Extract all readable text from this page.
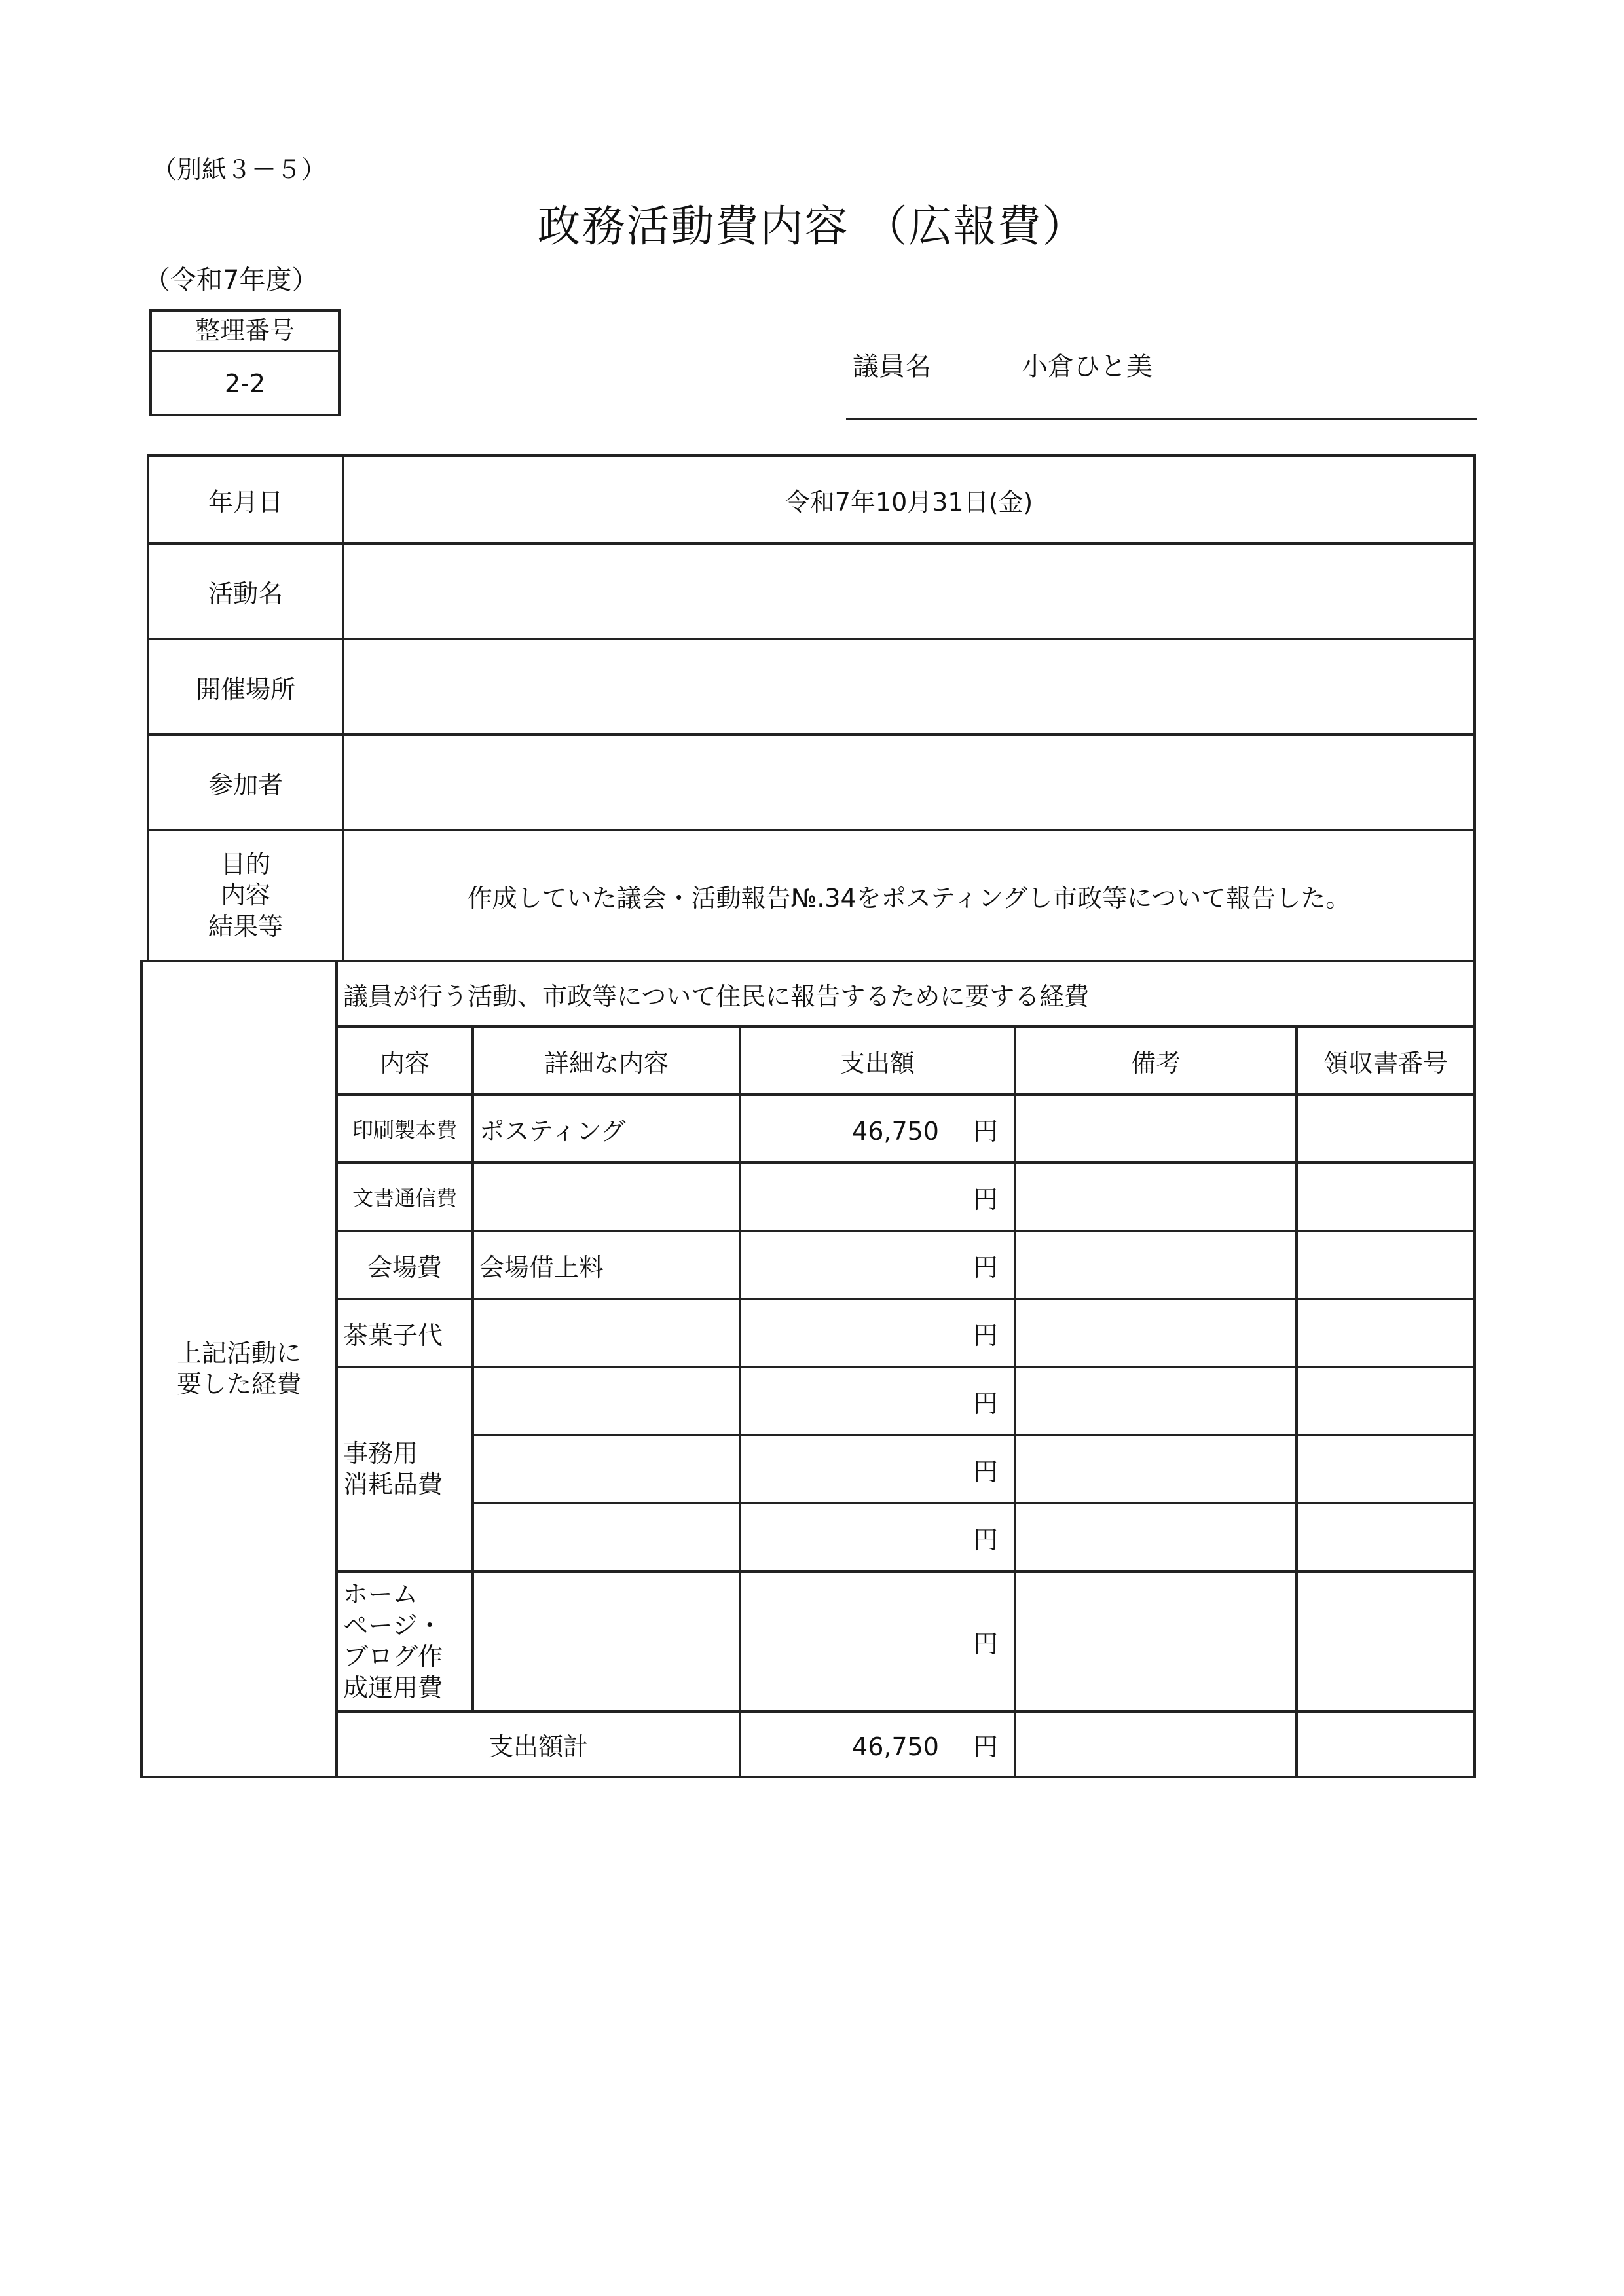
（別紙３－５）
政務活動費内容 （広報費）
（令和7年度）
整理番号
2-2
議員名	小倉ひと美
年月日	令和7年10月31日(金)
活動名	
開催場所	
参加者	

目的
内容
結果等	作成していた議会・活動報告№.34をポスティングし市政等について報告した。
上記活動に
要した経費	議員が行う活動、市政等について住民に報告するために要する経費				
	内容	詳細な内容	支出額	備考	領収書番号
	印刷製本費	ポスティング	46,750 円		
	文書通信費		円		
	会場費	会場借上料	円		
	茶菓子代		円		

	事務用
消耗品費		円		
			円		
			円		

	ホーム
ページ・
ブログ作
成運用費		円		
	支出額計		46,750 円		
